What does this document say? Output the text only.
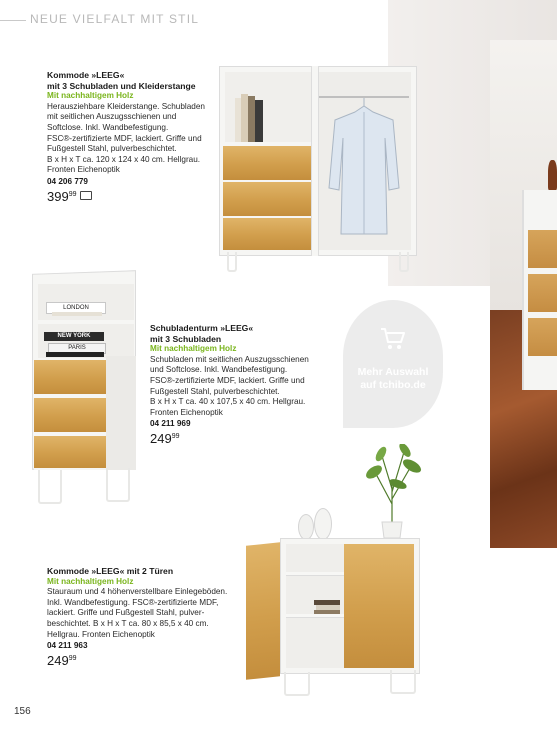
NEUE VIELFALT MIT STIL
Mehr Auswahl
auf tchibo.de
Kommode »LEEG«
mit 3 Schubladen und Kleiderstange
Mit nachhaltigem Holz
Herausziehbare Kleiderstange. Schubladen
mit seitlichen Auszugsschienen und
Softclose. Inkl. Wandbefestigung.
FSC®-zertifizierte MDF, lackiert. Griffe und
Fußgestell Stahl, pulverbeschichtet.
B x H x T ca. 120 x 124 x 40 cm. Hellgrau.
Fronten Eichenoptik
04 206 779
$399^{99}$
LONDON
NEW YORK
PARIS
Schubladenturm »LEEG«
mit 3 Schubladen
Mit nachhaltigem Holz
Schubladen mit seitlichen Auszugsschienen
und Softclose. Inkl. Wandbefestigung.
FSC®-zertifizierte MDF, lackiert. Griffe und
Fußgestell Stahl, pulverbeschichtet.
B x H x T ca. 40 x 107,5 x 40 cm. Hellgrau.
Fronten Eichenoptik
04 211 969
$249^{99}$
Kommode »LEEG« mit 2 Türen
Mit nachhaltigem Holz
Stauraum und 4 höhenverstellbare Einlegeböden.
Inkl. Wandbefestigung. FSC®-zertifizierte MDF,
lackiert. Griffe und Fußgestell Stahl, pulver-
beschichtet. B x H x T ca. 80 x 85,5 x 40 cm.
Hellgrau. Fronten Eichenoptik
04 211 963
$249^{99}$
156
